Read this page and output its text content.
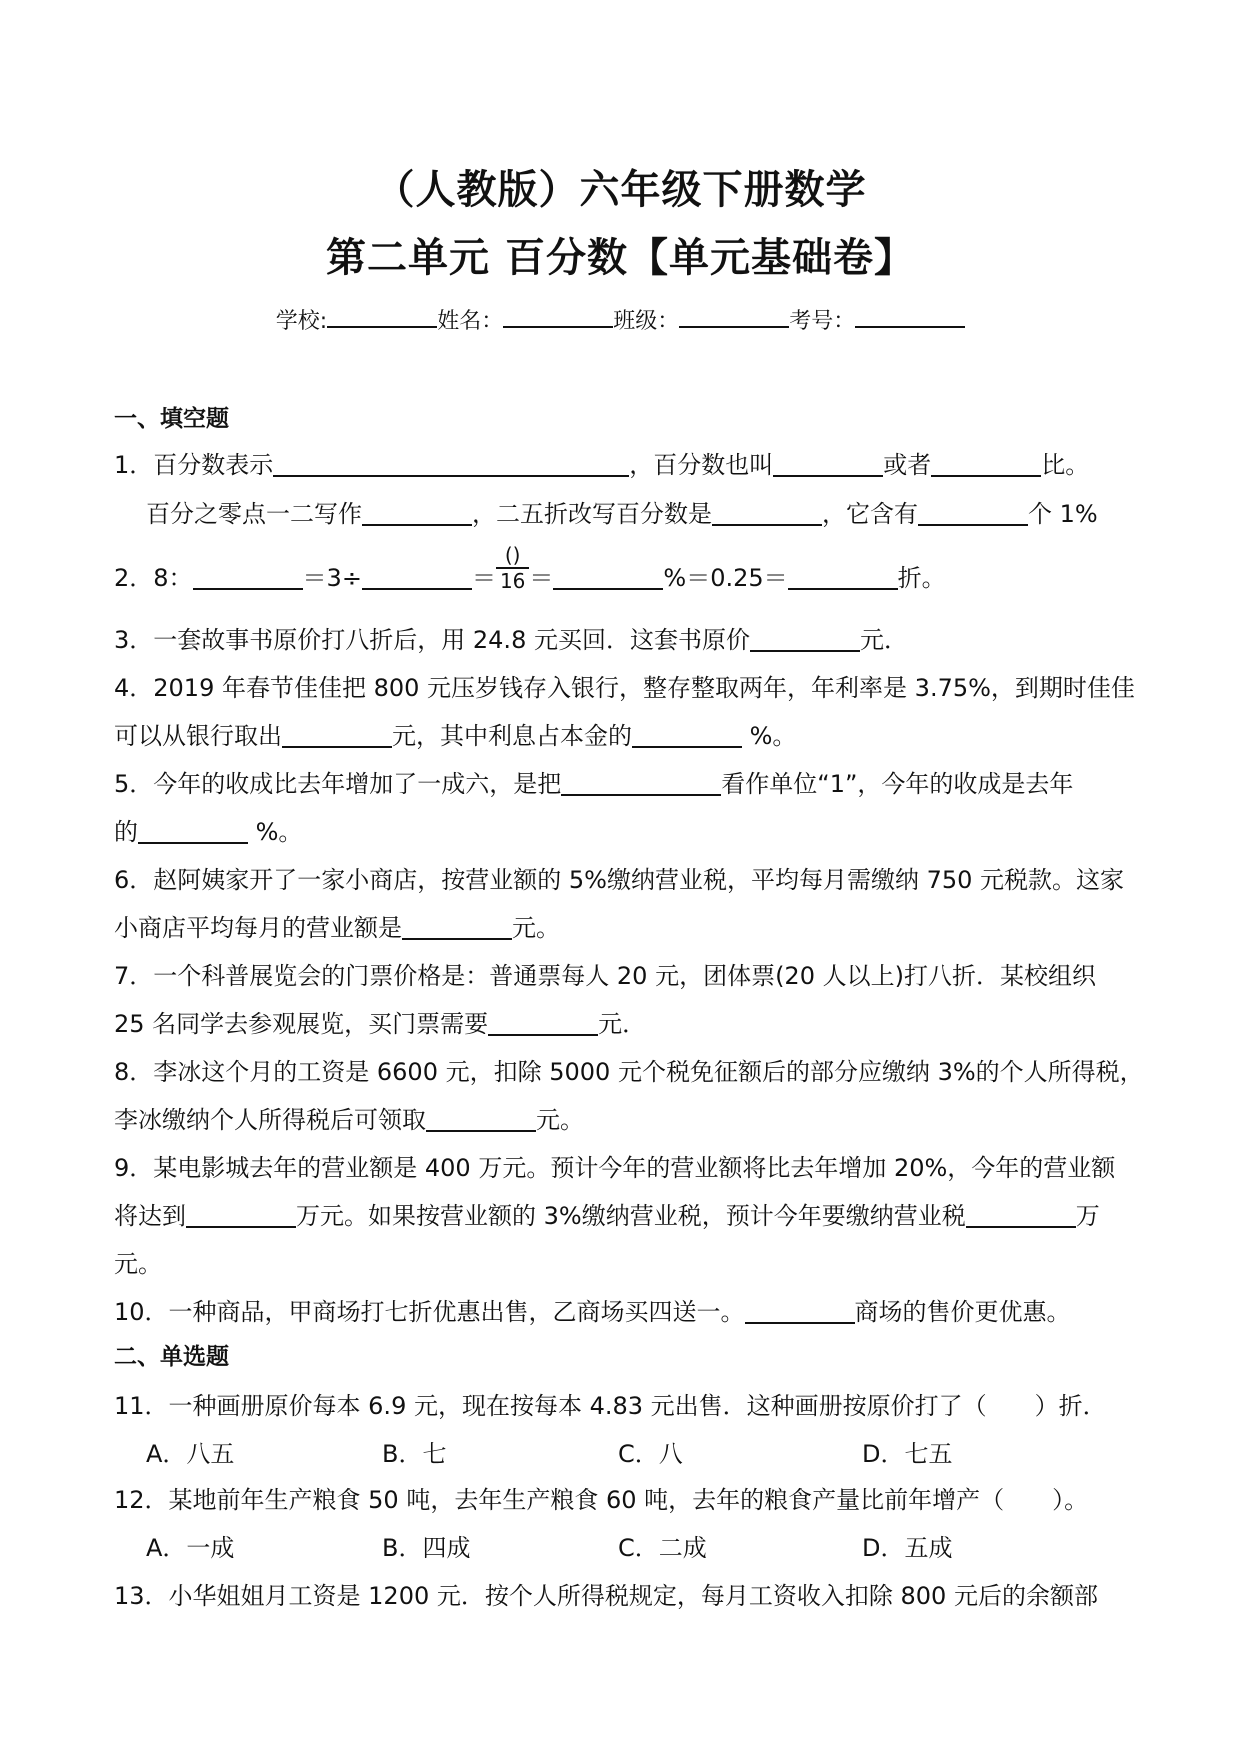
（人教版）六年级下册数学
第二单元 百分数【单元基础卷】
学校:	姓名：	班级：	考号：
一、填空题
1．百分数表示	，百分数也叫	或者	比。
百分之零点一二写作	，二五折改写百分数是	，它含有	个 1%
2．8：	＝3÷	＝ $\frac{()}{16}$ ＝	%＝0.25＝	折。
3．一套故事书原价打八折后，用 24.8 元买回．这套书原价	元．
4．2019 年春节佳佳把 800 元压岁钱存入银行，整存整取两年，年利率是 3.75%，到期时佳佳
可以从银行取出	元，其中利息占本金的	%。
5．今年的收成比去年增加了一成六，是把	看作单位“1”，今年的收成是去年
的	%。
6．赵阿姨家开了一家小商店，按营业额的 5%缴纳营业税，平均每月需缴纳 750 元税款。这家
小商店平均每月的营业额是	元。
7．一个科普展览会的门票价格是：普通票每人 20 元，团体票(20 人以上)打八折．某校组织
25 名同学去参观展览，买门票需要	元．
8．李冰这个月的工资是 6600 元，扣除 5000 元个税免征额后的部分应缴纳 3%的个人所得税，
李冰缴纳个人所得税后可领取	元。
9．某电影城去年的营业额是 400 万元。预计今年的营业额将比去年增加 20%，今年的营业额
将达到	万元。如果按营业额的 3%缴纳营业税，预计今年要缴纳营业税	万
元。
10．一种商品，甲商场打七折优惠出售，乙商场买四送一。	商场的售价更优惠。
二、单选题
11．一种画册原价每本 6.9 元，现在按每本 4.83 元出售．这种画册按原价打了（　　）折．
A．八五	B．七	C．八	D．七五
12．某地前年生产粮食 50 吨，去年生产粮食 60 吨，去年的粮食产量比前年增产（　　）。
A．一成	B．四成	C．二成	D．五成
13．小华姐姐月工资是 1200 元．按个人所得税规定，每月工资收入扣除 800 元后的余额部
